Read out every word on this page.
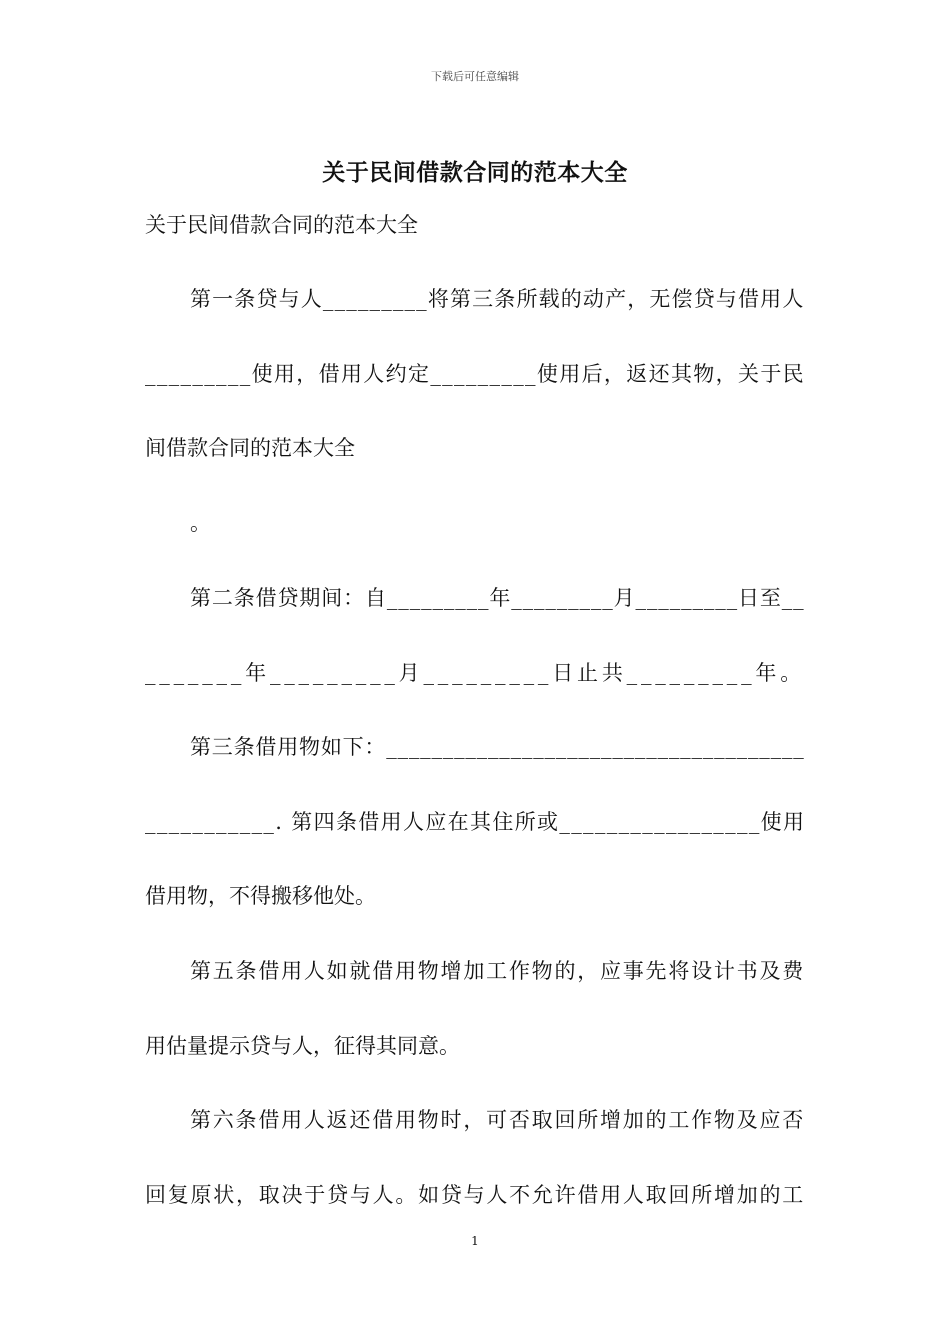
下载后可任意编辑
关于民间借款合同的范本大全
关于民间借款合同的范本大全
第一条贷与人_________将第三条所载的动产，无偿贷与借用人
_________使用，借用人约定_________使用后，返还其物，关于民
间借款合同的范本大全
。
第二条借贷期间：自_________年_________月_________日至__
_______年_________月_________日止共_________年。
第三条借用物如下：_____________________________________
___________. 第四条借用人应在其住所或_________________使用
借用物，不得搬移他处。
第五条借用人如就借用物增加工作物的，应事先将设计书及费
用估量提示贷与人，征得其同意。
第六条借用人返还借用物时，可否取回所增加的工作物及应否
回复原状，取决于贷与人。如贷与人不允许借用人取回所增加的工
1
